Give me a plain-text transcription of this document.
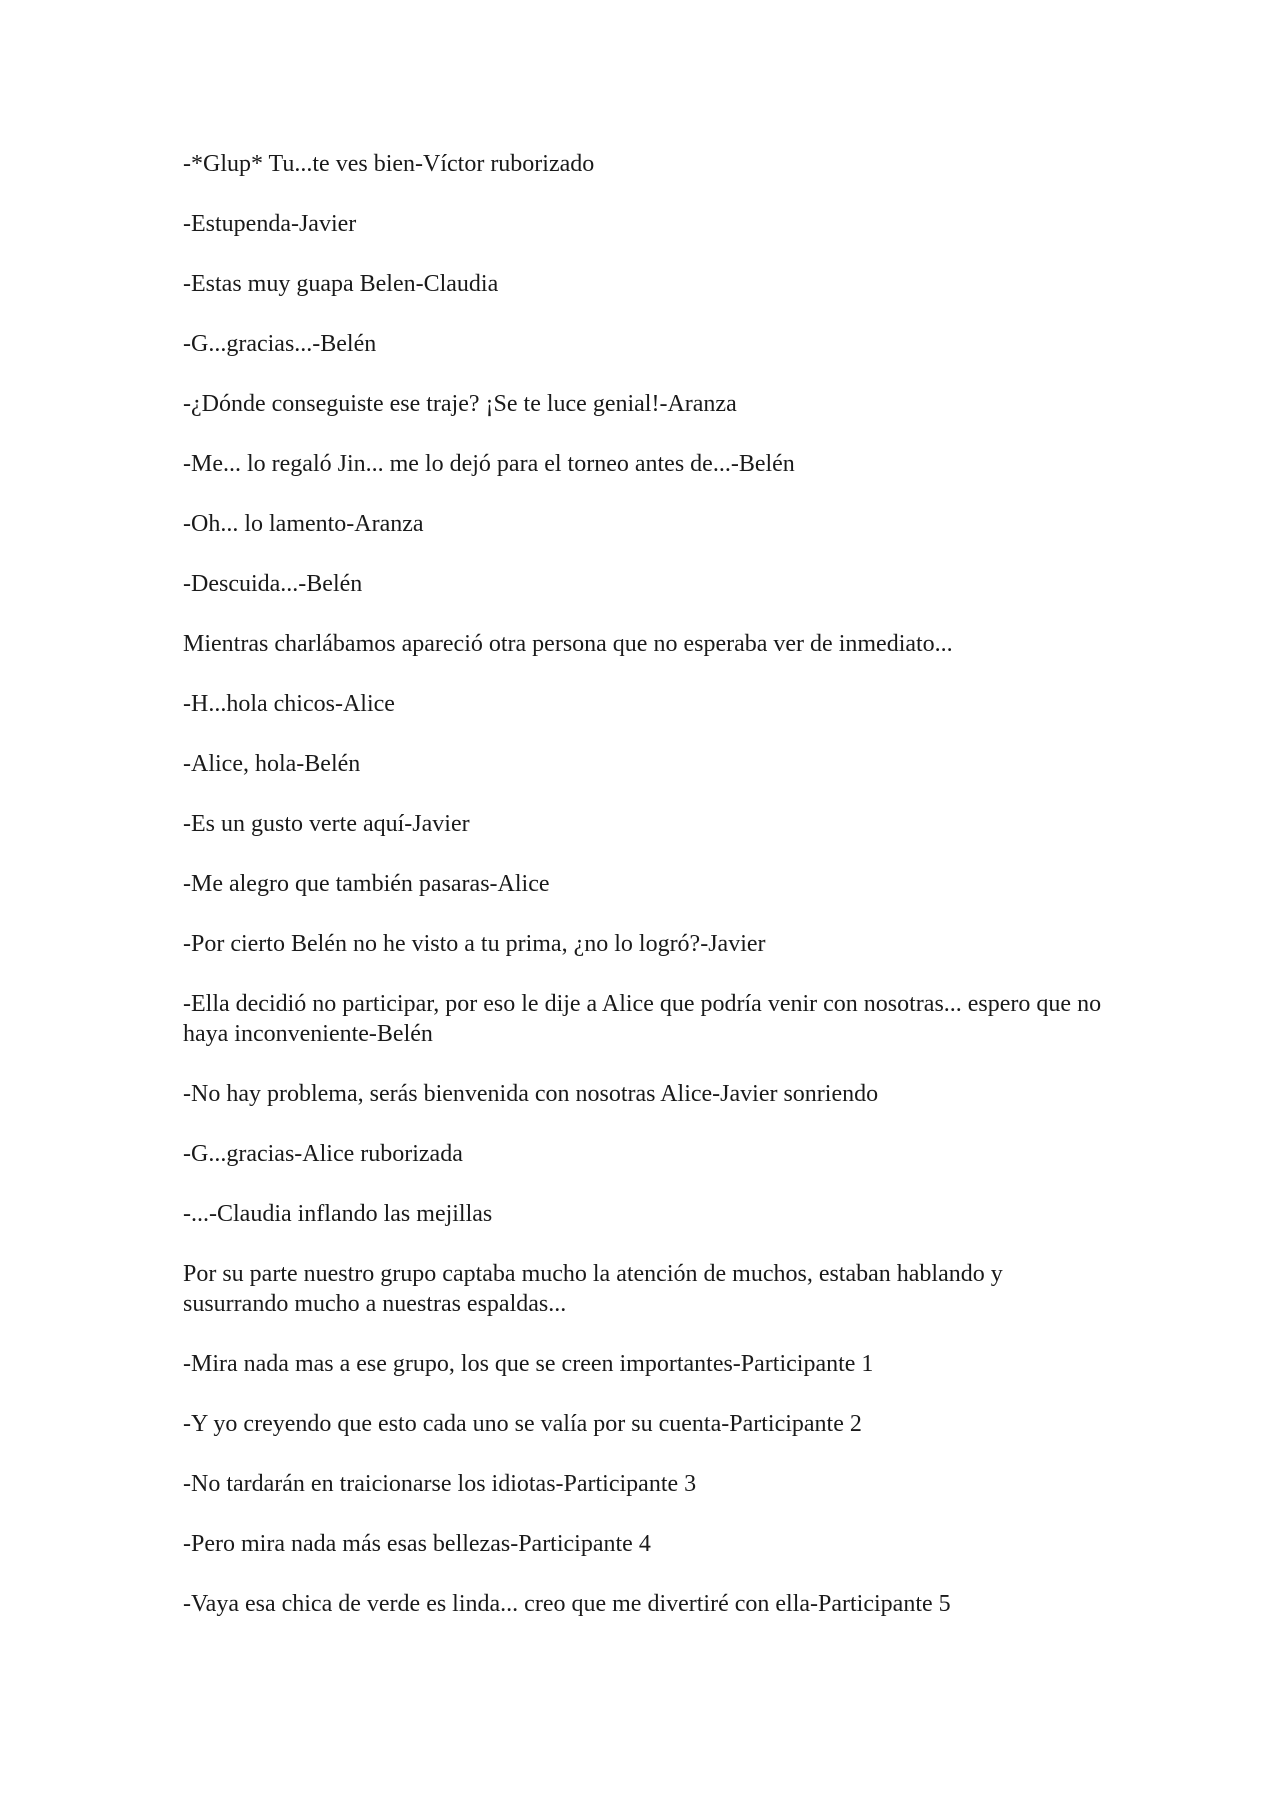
-*Glup* Tu...te ves bien-Víctor ruborizado

-Estupenda-Javier

-Estas muy guapa Belen-Claudia

-G...gracias...-Belén

-¿Dónde conseguiste ese traje? ¡Se te luce genial!-Aranza

-Me... lo regaló Jin... me lo dejó para el torneo antes de...-Belén

-Oh... lo lamento-Aranza

-Descuida...-Belén

Mientras charlábamos apareció otra persona que no esperaba ver de inmediato...

-H...hola chicos-Alice

-Alice, hola-Belén

-Es un gusto verte aquí-Javier

-Me alegro que también pasaras-Alice

-Por cierto Belén no he visto a tu prima, ¿no lo logró?-Javier

-Ella decidió no participar, por eso le dije a Alice que podría venir con nosotras... espero que no haya inconveniente-Belén

-No hay problema, serás bienvenida con nosotras Alice-Javier sonriendo

-G...gracias-Alice ruborizada

-...-Claudia inflando las mejillas

Por su parte nuestro grupo captaba mucho la atención de muchos, estaban hablando y susurrando mucho a nuestras espaldas...

-Mira nada mas a ese grupo, los que se creen importantes-Participante 1

-Y yo creyendo que esto cada uno se valía por su cuenta-Participante 2

-No tardarán en traicionarse los idiotas-Participante 3

-Pero mira nada más esas bellezas-Participante 4

-Vaya esa chica de verde es linda... creo que me divertiré con ella-Participante 5
